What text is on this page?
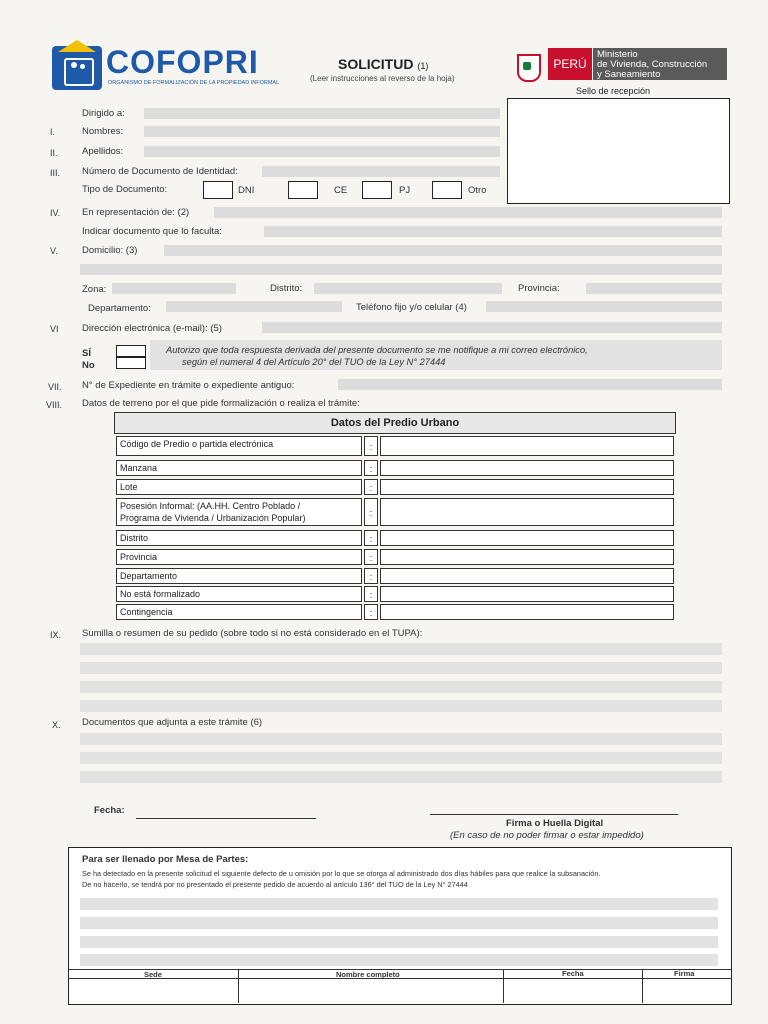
COFOPRI
ORGANISMO DE FORMALIZACIÓN DE LA PROPIEDAD INFORMAL
SOLICITUD (1)
(Leer instrucciones al reverso de la hoja)
PERÚ
Ministerio
de Vivienda, Construcción
y Saneamiento
Sello de recepción
Dirigido a:
I.	Nombres:
II.	Apellidos:
III. Número de Documento de Identidad:
Tipo de Documento:	DNI	CE	PJ	Otro
IV. En representación de: (2)
Indicar documento que lo faculta:
V.	Domicilio: (3)
Zona:	Distrito:	Provincia:
Departamento:	Teléfono fijo y/o celular (4)
VI Dirección electrónica (e-mail): (5)
SÍ
No
Autorizo que toda respuesta derivada del presente documento se me notifique a mi correo electrónico,
según el numeral 4 del Artículo 20° del TUO de la Ley N° 27444
VII. N° de Expediente en trámite o expediente antiguo:
VIII. Datos de terreno por el que pide formalización o realiza el trámite:
Datos del Predio Urbano
Código de Predio o partida electrónica	:
Manzana	:
Lote	:
Posesión Informal: (AA.HH. Centro Poblado /
Programa de Vivienda / Urbanización Popular)	:
Distrito	:
Provincia	:
Departamento	:
No está formalizado	:
Contingencia	:
IX. Sumilla o resumen de su pedido (sobre todo si no está considerado en el TUPA):
X. Documentos que adjunta a este trámite (6)
Fecha:
Firma o Huella Digital
(En caso de no poder firmar o estar impedido)
Para ser llenado por Mesa de Partes:
Se ha detectado en la presente solicitud el siguiente defecto de u omisión por lo que se otorga al administrado dos días hábiles para que realice la subsanación.
De no hacerlo, se tendrá por no presentado el presente pedido de acuerdo al artículo 136° del TUO de la Ley N° 27444
Sede	Nombre completo	Fecha	Firma
